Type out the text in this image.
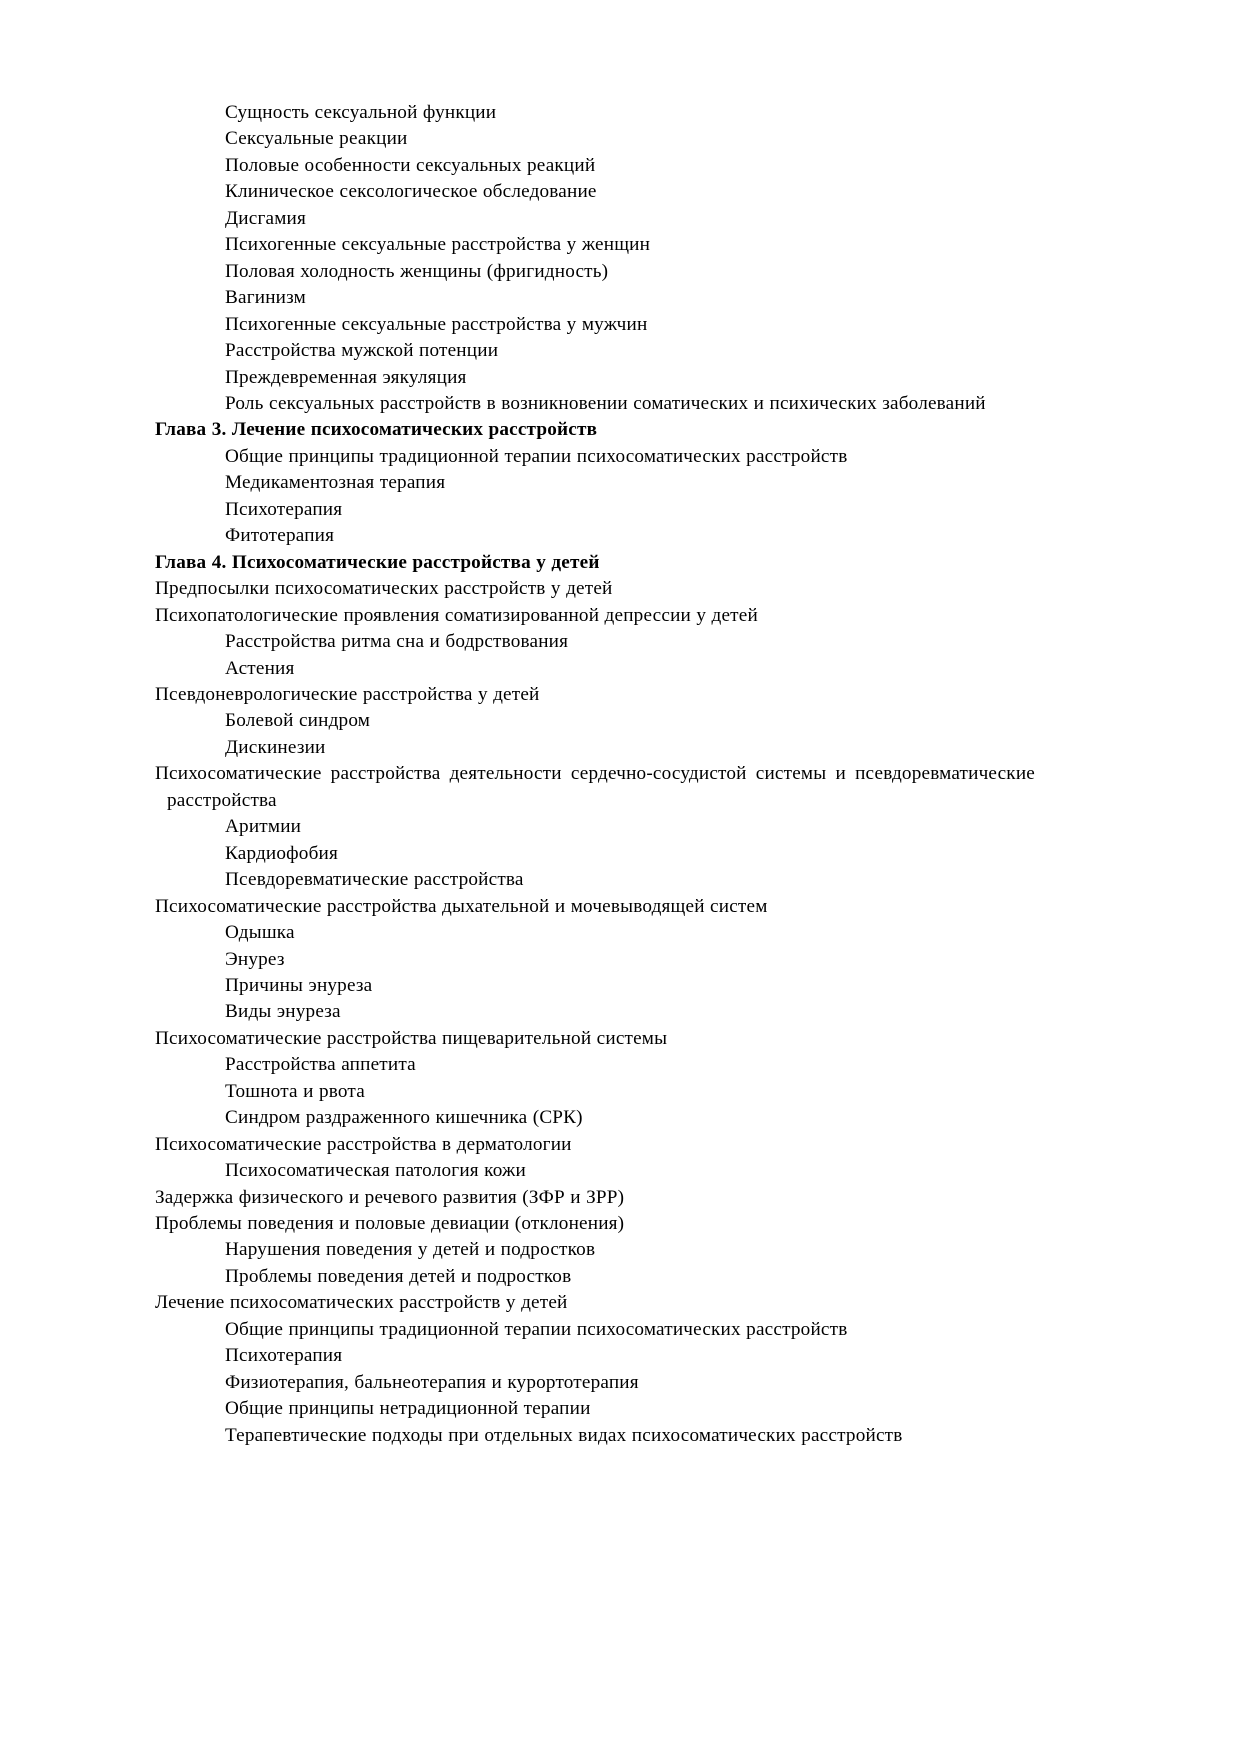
Сущность сексуальной функции
Сексуальные реакции
Половые особенности сексуальных реакций
Клиническое сексологическое обследование
Дисгамия
Психогенные сексуальные расстройства у женщин
Половая холодность женщины (фригидность)
Вагинизм
Психогенные сексуальные расстройства у мужчин
Расстройства мужской потенции
Преждевременная эякуляция
Роль сексуальных расстройств в возникновении соматических и психических заболеваний
Глава 3. Лечение психосоматических расстройств
Общие принципы традиционной терапии психосоматических расстройств
Медикаментозная терапия
Психотерапия
Фитотерапия
Глава 4. Психосоматические расстройства у детей
Предпосылки психосоматических расстройств у детей
Психопатологические проявления соматизированной депрессии у детей
Расстройства ритма сна и бодрствования
Астения
Псевдоневрологические расстройства у детей
Болевой синдром
Дискинезии
Психосоматические расстройства деятельности сердечно-сосудистой системы и псевдоревматические расстройства
Аритмии
Кардиофобия
Псевдоревматические расстройства
Психосоматические расстройства дыхательной и мочевыводящей систем
Одышка
Энурез
Причины энуреза
Виды энуреза
Психосоматические расстройства пищеварительной системы
Расстройства аппетита
Тошнота и рвота
Синдром раздраженного кишечника (СРК)
Психосоматические расстройства в дерматологии
Психосоматическая патология кожи
Задержка физического и речевого развития (ЗФР и ЗРР)
Проблемы поведения и половые девиации (отклонения)
Нарушения поведения у детей и подростков
Проблемы поведения детей и подростков
Лечение психосоматических расстройств у детей
Общие принципы традиционной терапии психосоматических расстройств
Психотерапия
Физиотерапия, бальнеотерапия и курортотерапия
Общие принципы нетрадиционной терапии
Терапевтические подходы при отдельных видах психосоматических расстройств
